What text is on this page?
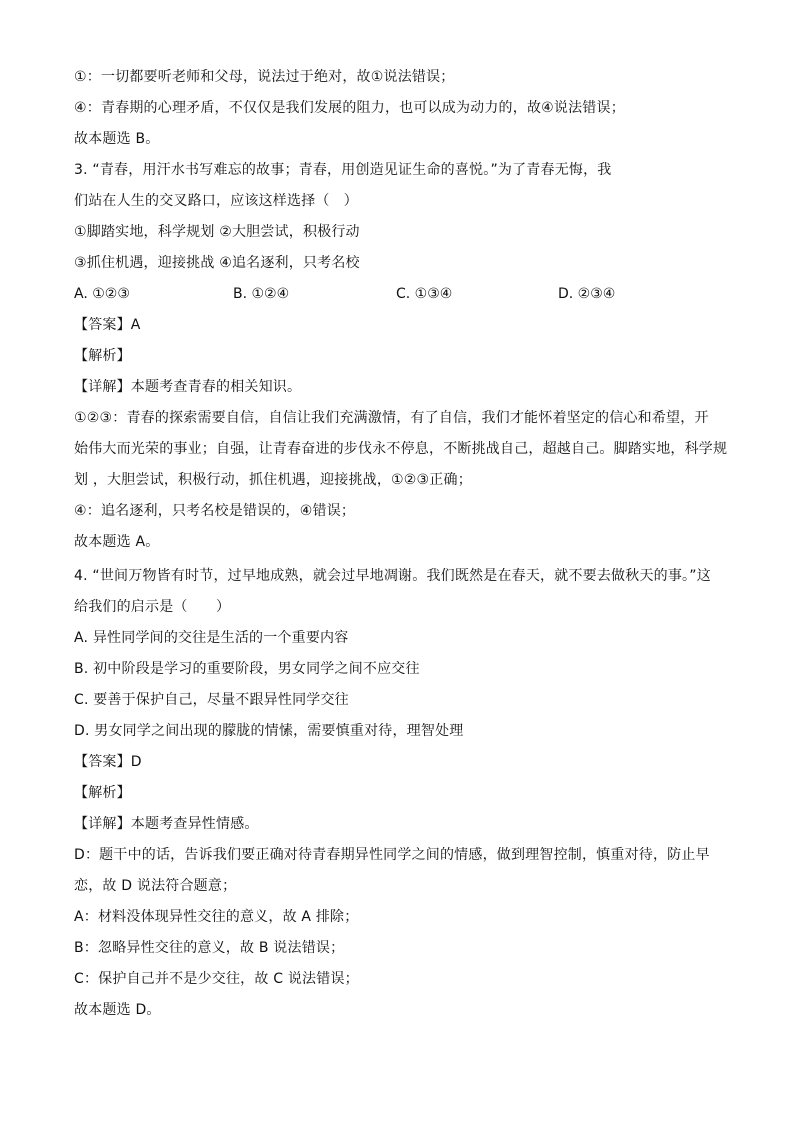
①：一切都要听老师和父母，说法过于绝对，故①说法错误；
④：青春期的心理矛盾，不仅仅是我们发展的阻力，也可以成为动力的，故④说法错误；
故本题选 B。
3. “青春，用汗水书写难忘的故事；青春，用创造见证生命的喜悦。”为了青春无悔，我
们站在人生的交叉路口，应该这样选择（　）
①脚踏实地，科学规划 ②大胆尝试，积极行动
③抓住机遇，迎接挑战 ④追名逐利，只考名校
A. ①②③	B. ①②④	C. ①③④	D. ②③④
【答案】A
【解析】
【详解】本题考查青春的相关知识。
①②③：青春的探索需要自信，自信让我们充满激情，有了自信，我们才能怀着坚定的信心和希望，开
始伟大而光荣的事业；自强，让青春奋进的步伐永不停息，不断挑战自己，超越自己。脚踏实地，科学规
划 ，大胆尝试，积极行动，抓住机遇，迎接挑战，①②③正确；
④：追名逐利，只考名校是错误的，④错误；
故本题选 A。
4. “世间万物皆有时节，过早地成熟，就会过早地凋谢。我们既然是在春天，就不要去做秋天的事。”这
给我们的启示是（　　）
A. 异性同学间的交往是生活的一个重要内容
B. 初中阶段是学习的重要阶段，男女同学之间不应交往
C. 要善于保护自己，尽量不跟异性同学交往
D. 男女同学之间出现的朦胧的情愫，需要慎重对待，理智处理
【答案】D
【解析】
【详解】本题考查异性情感。
D：题干中的话，告诉我们要正确对待青春期异性同学之间的情感，做到理智控制，慎重对待，防止早
恋，故 D 说法符合题意；
A：材料没体现异性交往的意义，故 A 排除；
B：忽略异性交往的意义，故 B 说法错误；
C：保护自己并不是少交往，故 C 说法错误；
故本题选 D。
